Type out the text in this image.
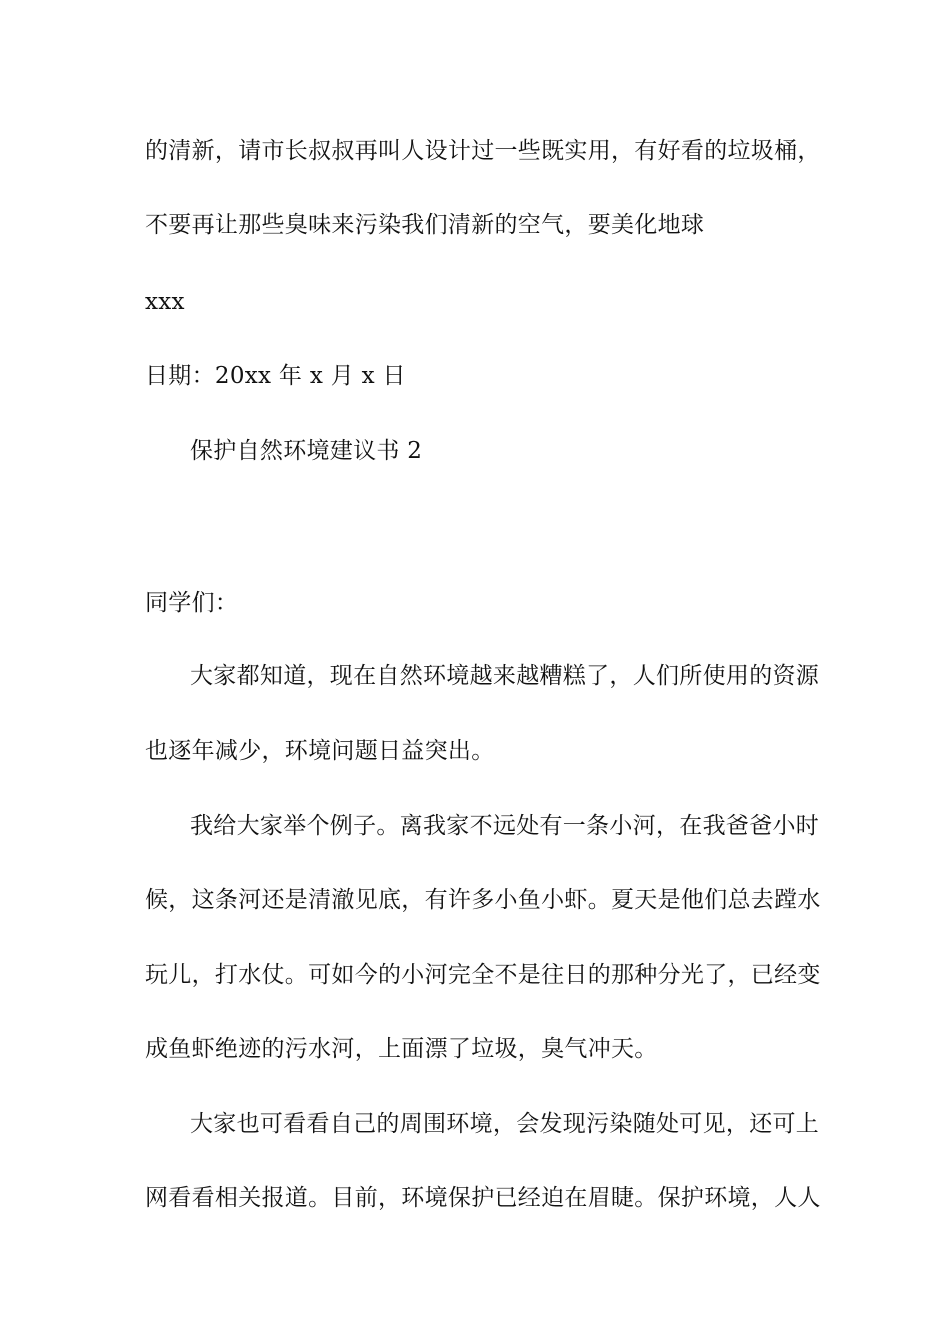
的清新，请市长叔叔再叫人设计过一些既实用，有好看的垃圾桶，
不要再让那些臭味来污染我们清新的空气，要美化地球
xxx
日期：20xx 年 x 月 x 日
保护自然环境建议书 2
同学们：
大家都知道，现在自然环境越来越糟糕了，人们所使用的资源
也逐年减少，环境问题日益突出。
我给大家举个例子。离我家不远处有一条小河，在我爸爸小时
候，这条河还是清澈见底，有许多小鱼小虾。夏天是他们总去蹚水
玩儿，打水仗。可如今的小河完全不是往日的那种分光了，已经变
成鱼虾绝迹的污水河，上面漂了垃圾，臭气冲天。
大家也可看看自己的周围环境，会发现污染随处可见，还可上
网看看相关报道。目前，环境保护已经迫在眉睫。保护环境，人人
